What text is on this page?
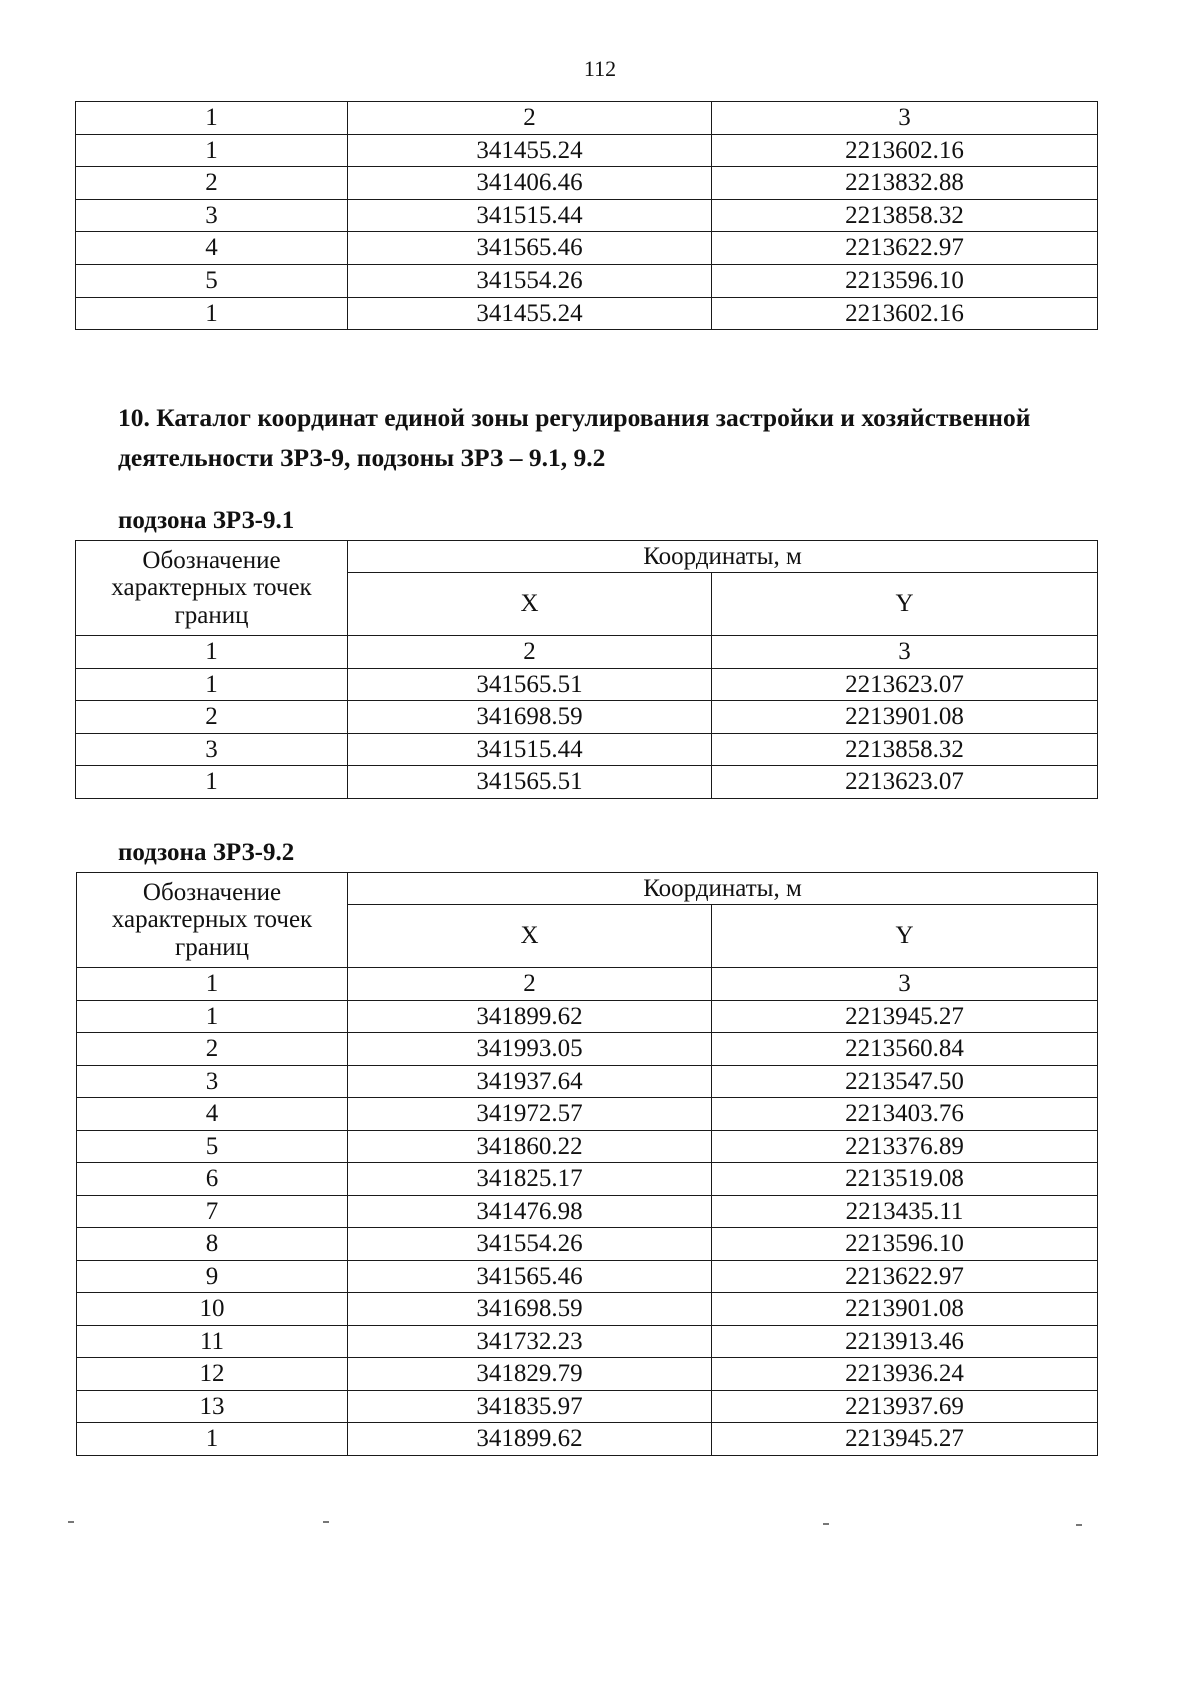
112
1	2	3
1	341455.24	2213602.16
2	341406.46	2213832.88
3	341515.44	2213858.32
4	341565.46	2213622.97
5	341554.26	2213596.10
1	341455.24	2213602.16
10. Каталог координат единой зоны регулирования застройки и хозяйственной деятельности ЗРЗ-9, подзоны ЗРЗ – 9.1, 9.2
подзона ЗРЗ-9.1
Обозначение характерных точек границ	Координаты, м	
	X	Y
1	2	3
1	341565.51	2213623.07
2	341698.59	2213901.08
3	341515.44	2213858.32
1	341565.51	2213623.07
подзона ЗРЗ-9.2
Обозначение характерных точек границ	Координаты, м	
	X	Y
1	2	3
1	341899.62	2213945.27
2	341993.05	2213560.84
3	341937.64	2213547.50
4	341972.57	2213403.76
5	341860.22	2213376.89
6	341825.17	2213519.08
7	341476.98	2213435.11
8	341554.26	2213596.10
9	341565.46	2213622.97
10	341698.59	2213901.08
11	341732.23	2213913.46
12	341829.79	2213936.24
13	341835.97	2213937.69
1	341899.62	2213945.27
